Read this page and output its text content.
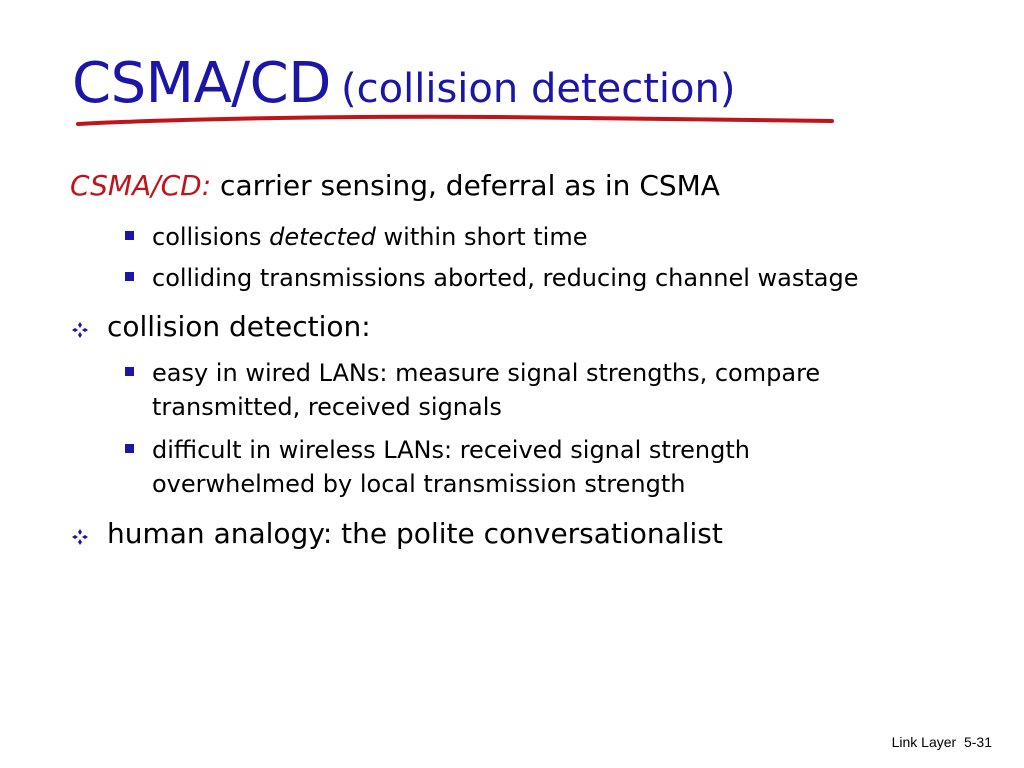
CSMA/CD (collision detection)
CSMA/CD: carrier sensing, deferral as in CSMA
collisions detected within short time
colliding transmissions aborted, reducing channel wastage
collision detection:
easy in wired LANs: measure signal strengths, compare
transmitted, received signals
difficult in wireless LANs: received signal strength
overwhelmed by local transmission strength
human analogy: the polite conversationalist
Link Layer 5-31
